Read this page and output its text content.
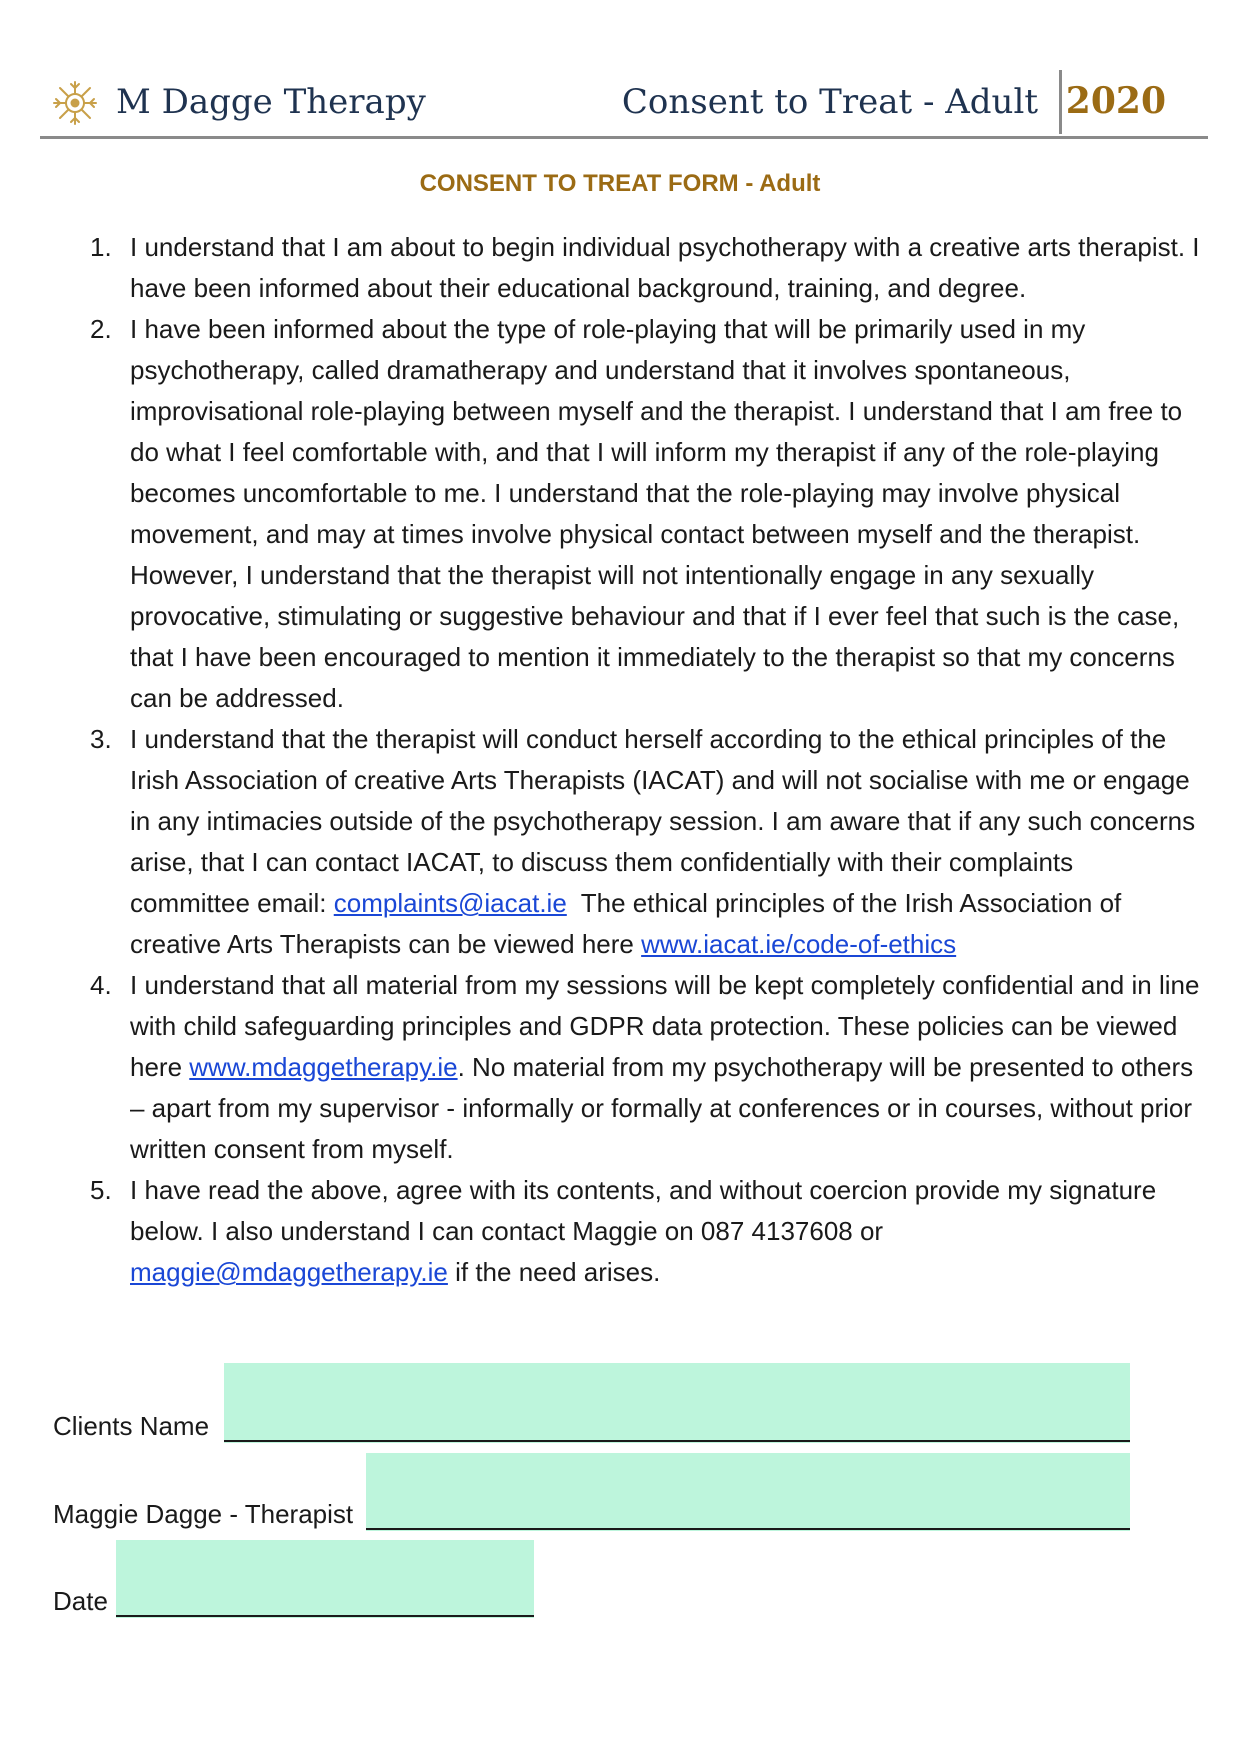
M Dagge Therapy	Consent to Treat - Adult 2020
CONSENT TO TREAT FORM - Adult
1. I understand that I am about to begin individual psychotherapy with a creative arts therapist. I have been informed about their educational background, training, and degree.
2. I have been informed about the type of role-playing that will be primarily used in my psychotherapy, called dramatherapy and understand that it involves spontaneous, improvisational role-playing between myself and the therapist. I understand that I am free to do what I feel comfortable with, and that I will inform my therapist if any of the role-playing becomes uncomfortable to me. I understand that the role-playing may involve physical movement, and may at times involve physical contact between myself and the therapist. However, I understand that the therapist will not intentionally engage in any sexually provocative, stimulating or suggestive behaviour and that if I ever feel that such is the case, that I have been encouraged to mention it immediately to the therapist so that my concerns can be addressed.
3. I understand that the therapist will conduct herself according to the ethical principles of the Irish Association of creative Arts Therapists (IACAT) and will not socialise with me or engage in any intimacies outside of the psychotherapy session. I am aware that if any such concerns arise, that I can contact IACAT, to discuss them confidentially with their complaints committee email: complaints@iacat.ie  The ethical principles of the Irish Association of creative Arts Therapists can be viewed here www.iacat.ie/code-of-ethics
4. I understand that all material from my sessions will be kept completely confidential and in line with child safeguarding principles and GDPR data protection. These policies can be viewed here www.mdaggetherapy.ie. No material from my psychotherapy will be presented to others – apart from my supervisor - informally or formally at conferences or in courses, without prior written consent from myself.
5. I have read the above, agree with its contents, and without coercion provide my signature below. I also understand I can contact Maggie on 087 4137608 or maggie@mdaggetherapy.ie if the need arises.
Clients Name
Maggie Dagge - Therapist
Date
